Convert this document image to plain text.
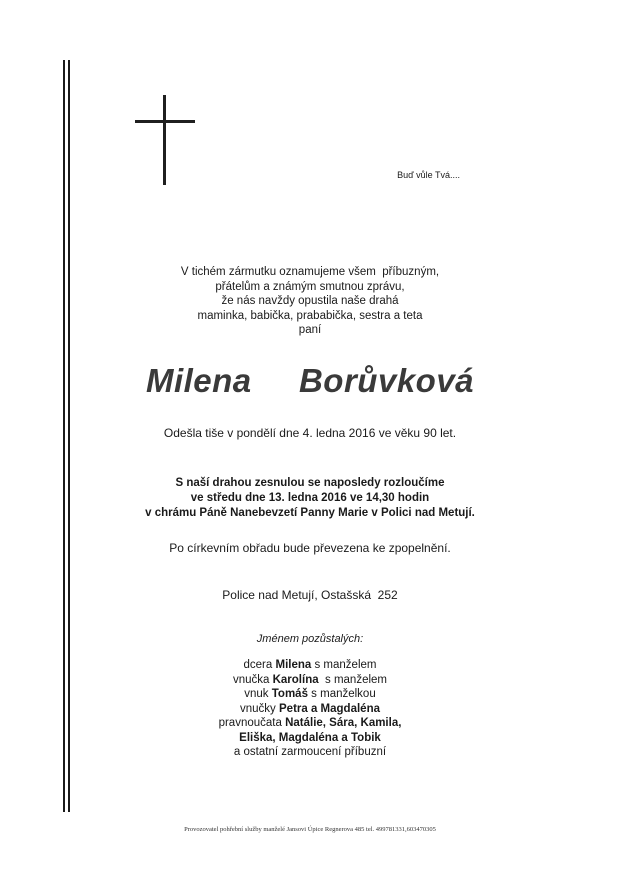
Buď vůle Tvá....
V tichém zármutku oznamujeme všem  příbuzným,
přátelům a známým smutnou zprávu,
že nás navždy opustila naše drahá
maminka, babička, prababička, sestra a teta
paní
Milena  Borůvková
Odešla tiše v pondělí dne 4. ledna 2016 ve věku 90 let.
S naší drahou zesnulou se naposledy rozloučíme
ve středu dne 13. ledna 2016 ve 14,30 hodin
v chrámu Páně Nanebevzetí Panny Marie v Polici nad Metují.
Po církevním obřadu bude převezena ke zpopelnění.
Police nad Metují, Ostašská  252
Jménem pozůstalých:
dcera Milena s manželem
vnučka Karolína  s manželem
vnuk Tomáš s manželkou
vnučky Petra a Magdaléna
pravnoučata Natálie, Sára, Kamila,
Eliška, Magdaléna a Tobik
a ostatní zarmoucení příbuzní
Provozovatel pohřební služby manželé Jansovi Úpice Regnerova 485 tel. 499781331,603470305
